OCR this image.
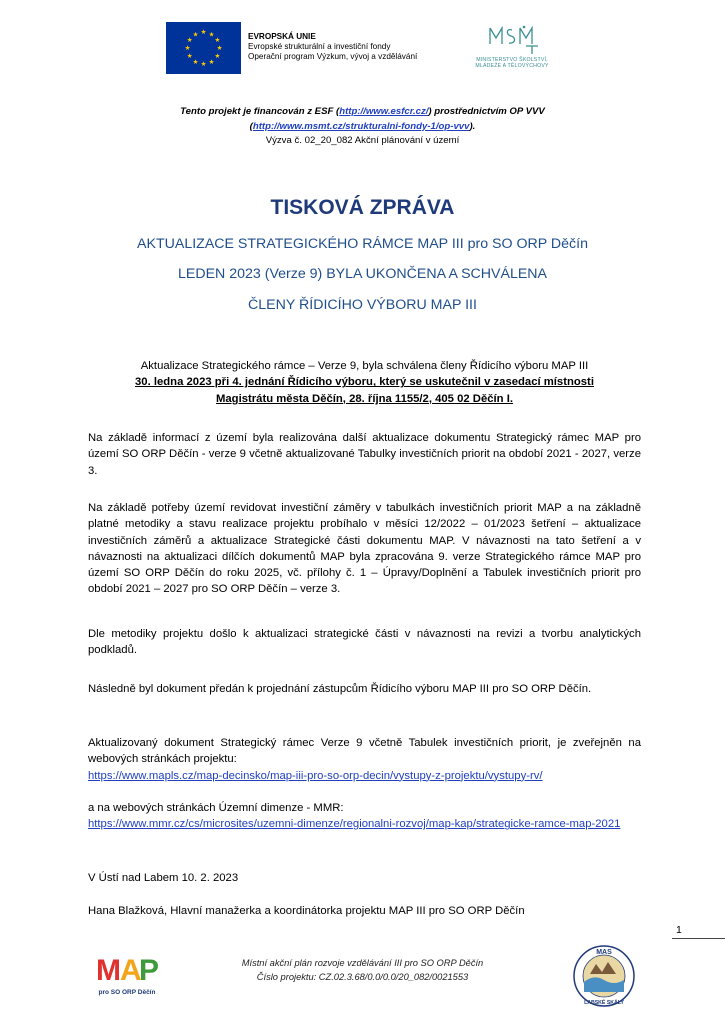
★
★
★
★
★
★
★
★
★ ★ ★
★	EVROPSKÁ UNIE
Evropské strukturální a investiční fondy
Operační program Výzkum, vývoj a vzdělávání	MINISTERSTVO ŠKOLSTVÍ,
MLÁDEŽE A TĚLOVÝCHOVY
Tento projekt je financován z ESF (http://www.esfcr.cz/) prostřednictvím OP VVV
(http://www.msmt.cz/strukturalni-fondy-1/op-vvv).
Výzva č. 02_20_082 Akční plánování v území
TISKOVÁ ZPRÁVA
AKTUALIZACE STRATEGICKÉHO RÁMCE MAP III pro SO ORP Děčín
LEDEN 2023 (Verze 9) BYLA UKONČENA A SCHVÁLENA
ČLENY ŘÍDICÍHO VÝBORU MAP III
Aktualizace Strategického rámce – Verze 9, byla schválena členy Řídicího výboru MAP III
30. ledna 2023 při 4. jednání Řídicího výboru, který se uskutečnil v zasedací místnosti
Magistrátu města Děčín, 28. října 1155/2, 405 02 Děčín I.
Na základě informací z území byla realizována další aktualizace dokumentu Strategický rámec MAP pro území SO ORP Děčín - verze 9 včetně aktualizované Tabulky investičních priorit na období 2021 - 2027, verze 3.
Na základě potřeby území revidovat investiční záměry v tabulkách investičních priorit MAP a na základně platné metodiky a stavu realizace projektu probíhalo v měsíci 12/2022 – 01/2023 šetření – aktualizace investičních záměrů a aktualizace Strategické části dokumentu MAP. V návaznosti na tato šetření a v návaznosti na aktualizaci dílčích dokumentů MAP byla zpracována 9. verze Strategického rámce MAP pro území SO ORP Děčín do roku 2025, vč. přílohy č. 1 – Úpravy/Doplnění a Tabulek investičních priorit pro období 2021 – 2027 pro SO ORP Děčín – verze 3.
Dle metodiky projektu došlo k aktualizaci strategické části v návaznosti na revizi a tvorbu analytických podkladů.
Následně byl dokument předán k projednání zástupcům Řídicího výboru MAP III pro SO ORP Děčín.
Aktualizovaný dokument Strategický rámec Verze 9 včetně Tabulek investičních priorit, je zveřejněn na webových stránkách projektu:
https://www.mapls.cz/map-decinsko/map-iii-pro-so-orp-decin/vystupy-z-projektu/vystupy-rv/
a na webových stránkách Územní dimenze - MMR:
https://www.mmr.cz/cs/microsites/uzemni-dimenze/regionalni-rozvoj/map-kap/strategicke-ramce-map-2021
V Ústí nad Labem 10. 2. 2023
Hana Blažková, Hlavní manažerka a koordinátorka projektu MAP III pro SO ORP Děčín
1
Místní akční plán rozvoje vzdělávání III pro SO ORP Děčín
Číslo projektu: CZ.02.3.68/0.0/0.0/20_082/0021553
M A
P
pro SO ORP Děčín
MAS
LABSKÉ SKÁLY
